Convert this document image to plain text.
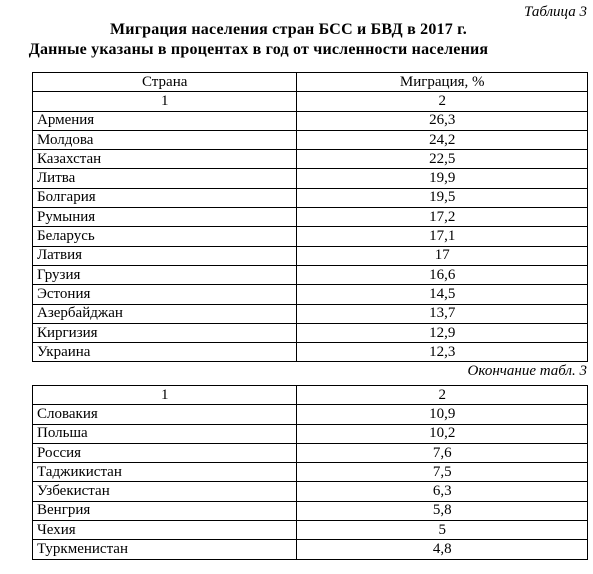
Таблица 3
Миграция населения стран БСС и БВД в 2017 г.
Данные указаны в процентах в год от численности населения
Страна	Миграция, %
1	2
Армения	26,3
Молдова	24,2
Казахстан	22,5
Литва	19,9
Болгария	19,5
Румыния	17,2
Беларусь	17,1
Латвия	17
Грузия	16,6
Эстония	14,5
Азербайджан	13,7
Киргизия	12,9
Украина	12,3
Окончание табл. 3
1	2
Словакия	10,9
Польша	10,2
Россия	7,6
Таджикистан	7,5
Узбекистан	6,3
Венгрия	5,8
Чехия	5
Туркменистан	4,8
